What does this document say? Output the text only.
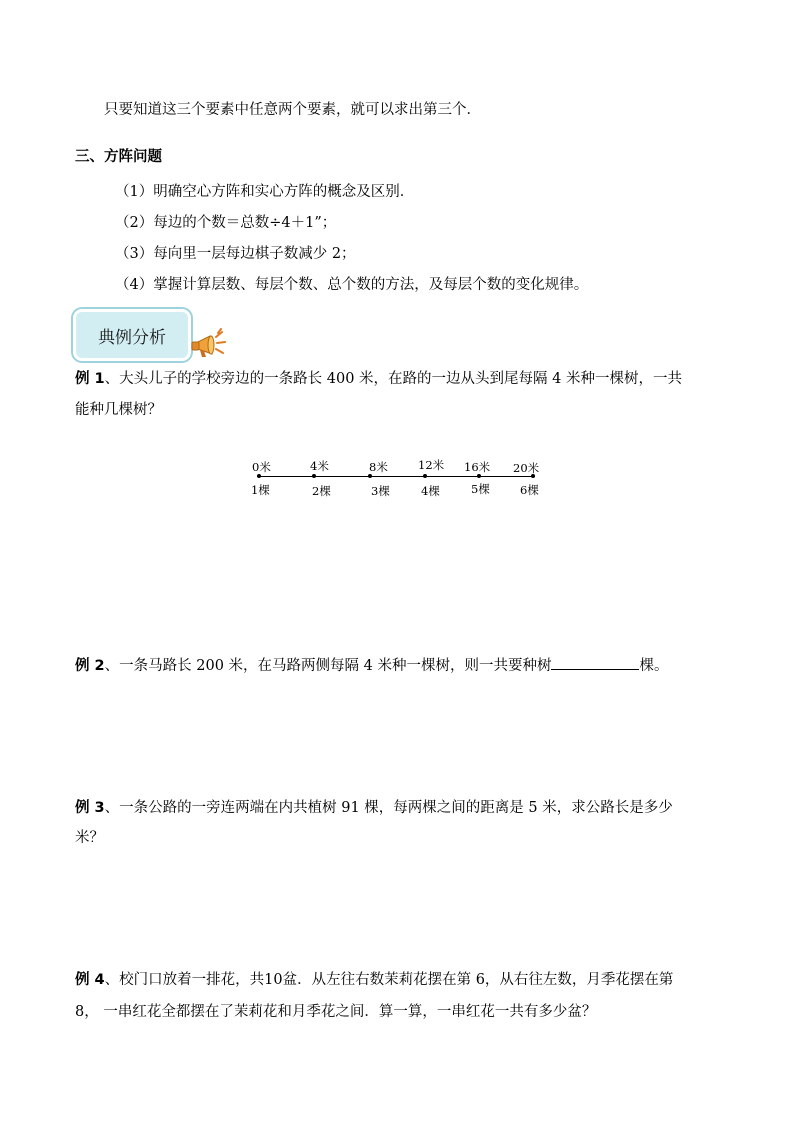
只要知道这三个要素中任意两个要素，就可以求出第三个．
三、方阵问题
（1）明确空心方阵和实心方阵的概念及区别．
（2）每边的个数＝总数÷4＋1”；
（3）每向里一层每边棋子数减少 2；
（4）掌握计算层数、每层个数、总个数的方法，及每层个数的变化规律。
典例分析
例 1、大头儿子的学校旁边的一条路长 400 米，在路的一边从头到尾每隔 4 米种一棵树，一共
能种几棵树？
0米	4米	8米	12米 16米 20米
1棵	2棵	3棵	4棵	5棵	6棵
例 2、一条马路长 200 米，在马路两侧每隔 4 米种一棵树，则一共要种树	棵。
例 3、一条公路的一旁连两端在内共植树 91 棵，每两棵之间的距离是 5 米，求公路长是多少
米？
例 4、校门口放着一排花，共10盆．从左往右数茉莉花摆在第 6，从右往左数，月季花摆在第
8， 一串红花全都摆在了茉莉花和月季花之间．算一算，一串红花一共有多少盆？
